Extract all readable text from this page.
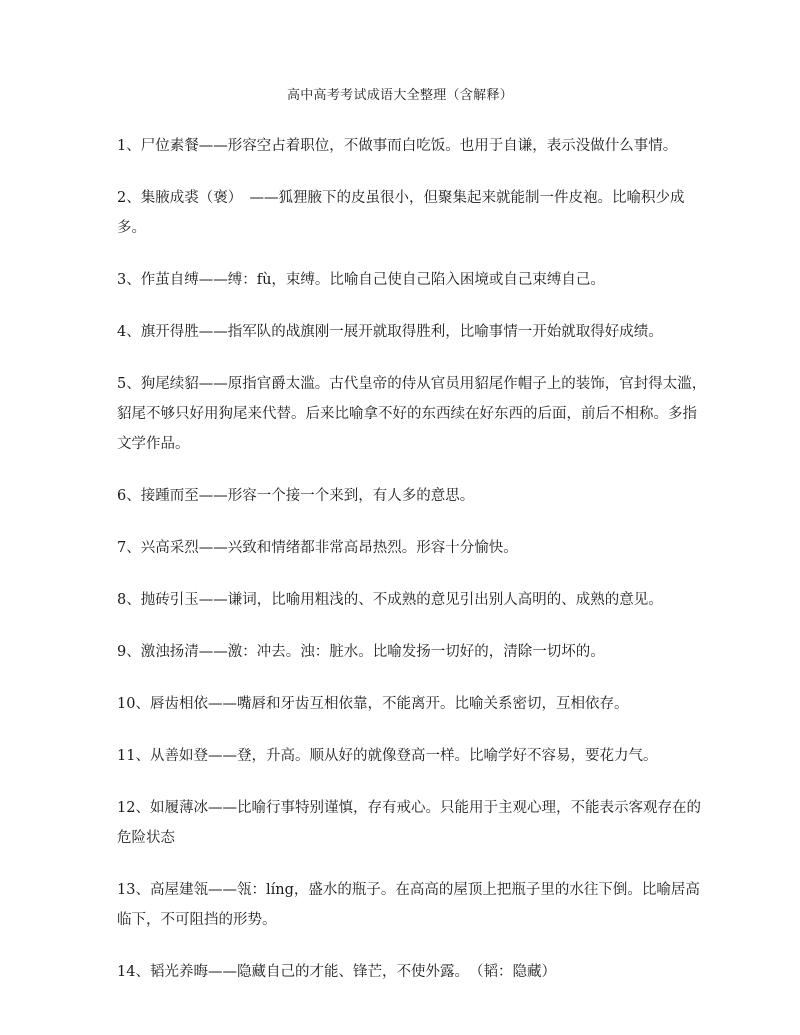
高中高考考试成语大全整理（含解释）

1、尸位素餐——形容空占着职位，不做事而白吃饭。也用于自谦，表示没做什么事情。

2、集腋成裘（褒）　——狐狸腋下的皮虽很小，但聚集起来就能制一件皮袍。比喻积少成多。

3、作茧自缚——缚：fù，束缚。比喻自己使自己陷入困境或自己束缚自己。

4、旗开得胜——指军队的战旗刚一展开就取得胜利，比喻事情一开始就取得好成绩。

5、狗尾续貂——原指官爵太滥。古代皇帝的侍从官员用貂尾作帽子上的装饰，官封得太滥，貂尾不够只好用狗尾来代替。后来比喻拿不好的东西续在好东西的后面，前后不相称。多指文学作品。

6、接踵而至——形容一个接一个来到，有人多的意思。

7、兴高采烈——兴致和情绪都非常高昂热烈。形容十分愉快。

8、抛砖引玉——谦词，比喻用粗浅的、不成熟的意见引出别人高明的、成熟的意见。

9、激浊扬清——激：冲去。浊：脏水。比喻发扬一切好的，清除一切坏的。

10、唇齿相依——嘴唇和牙齿互相依靠，不能离开。比喻关系密切，互相依存。

11、从善如登——登，升高。顺从好的就像登高一样。比喻学好不容易，要花力气。

12、如履薄冰——比喻行事特别谨慎，存有戒心。只能用于主观心理，不能表示客观存在的危险状态

13、高屋建瓴——瓴：líng，盛水的瓶子。在高高的屋顶上把瓶子里的水往下倒。比喻居高临下，不可阻挡的形势。

14、韬光养晦——隐藏自己的才能、锋芒，不使外露。　（韬：隐藏）
